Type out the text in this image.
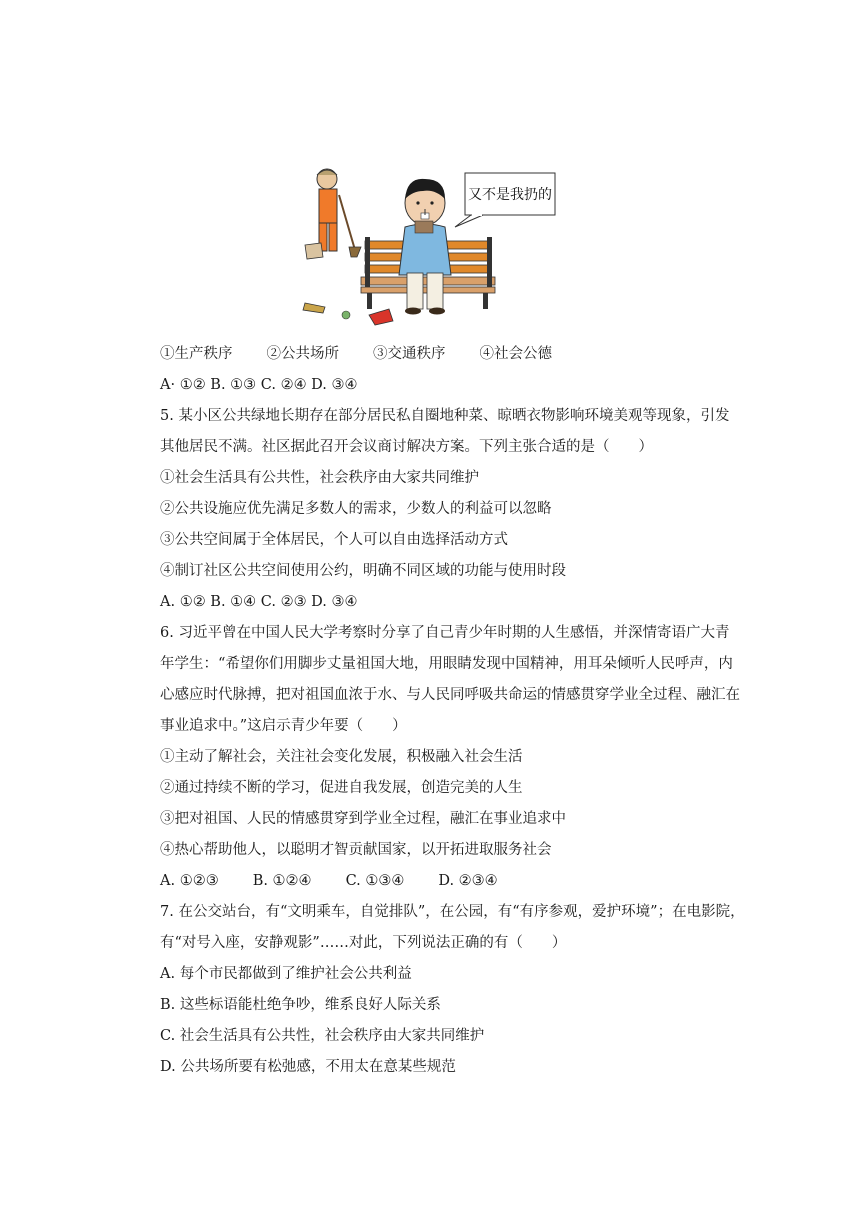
又不是我扔的
①生产秩序 ②公共场所 ③交通秩序 ④社会公德
A· ①② B. ①③ C. ②④ D. ③④
5. 某小区公共绿地长期存在部分居民私自圈地种菜、晾晒衣物影响环境美观等现象，引发
其他居民不满。社区据此召开会议商讨解决方案。下列主张合适的是（　　）
①社会生活具有公共性，社会秩序由大家共同维护
②公共设施应优先满足多数人的需求，少数人的利益可以忽略
③公共空间属于全体居民，个人可以自由选择活动方式
④制订社区公共空间使用公约，明确不同区域的功能与使用时段
A. ①② B. ①④ C. ②③ D. ③④
6. 习近平曾在中国人民大学考察时分享了自己青少年时期的人生感悟，并深情寄语广大青
年学生：“希望你们用脚步丈量祖国大地，用眼睛发现中国精神，用耳朵倾听人民呼声，内
心感应时代脉搏，把对祖国血浓于水、与人民同呼吸共命运的情感贯穿学业全过程、融汇在
事业追求中。”这启示青少年要（　　）
①主动了解社会，关注社会变化发展，积极融入社会生活
②通过持续不断的学习，促进自我发展，创造完美的人生
③把对祖国、人民的情感贯穿到学业全过程，融汇在事业追求中
④热心帮助他人，以聪明才智贡献国家，以开拓进取服务社会
A. ①②③ B. ①②④ C. ①③④ D. ②③④
7. 在公交站台，有“文明乘车，自觉排队”，在公园，有“有序参观，爱护环境”；在电影院，
有“对号入座，安静观影”……对此，下列说法正确的有（　　）
A. 每个市民都做到了维护社会公共利益
B. 这些标语能杜绝争吵，维系良好人际关系
C. 社会生活具有公共性，社会秩序由大家共同维护
D. 公共场所要有松弛感，不用太在意某些规范
